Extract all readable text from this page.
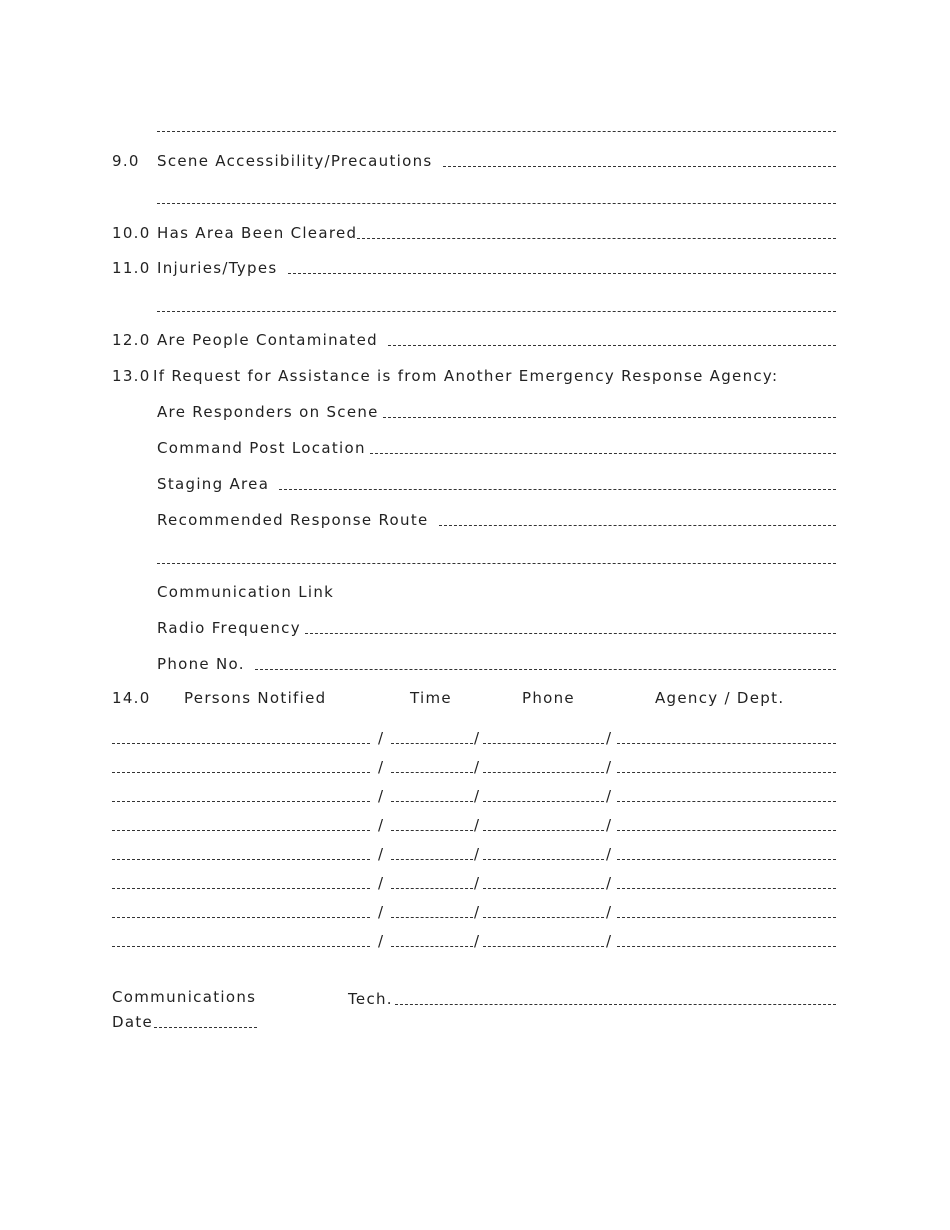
9.0	Scene Accessibility/Precautions
10.0 Has Area Been Cleared
11.0 Injuries/Types
12.0 Are People Contaminated
13.0 If Request for Assistance is from Another Emergency Response Agency:
Are Responders on Scene
Command Post Location
Staging Area
Recommended Response Route
Communication Link
Radio Frequency
Phone No.
14.0 Persons Notified	Time	Phone	Agency / Dept.
/	/	/
/	/	/
/	/	/
/	/	/
/	/	/
/	/	/
/	/	/
/	/	/
Communications	Tech.
Date
